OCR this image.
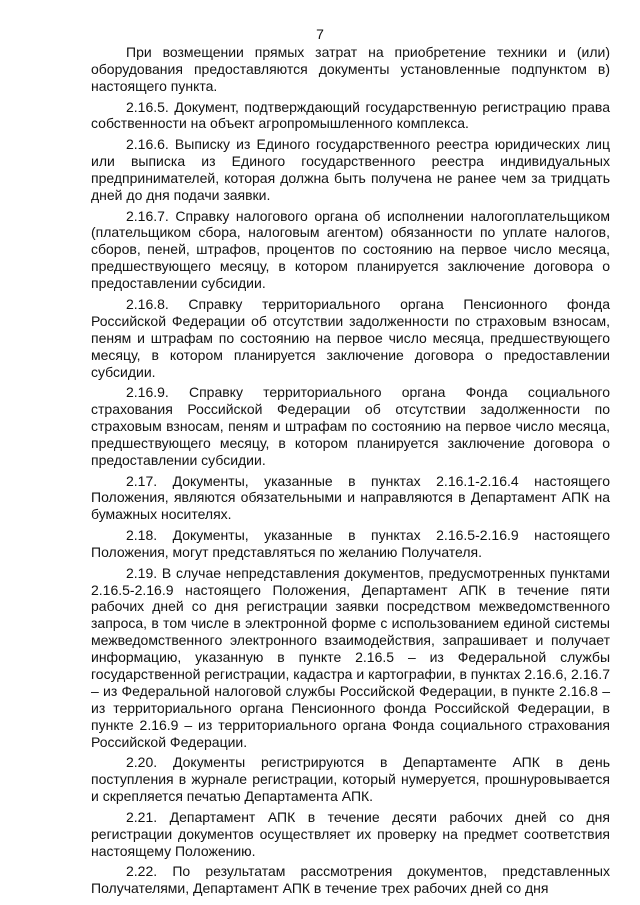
7

При возмещении прямых затрат на приобретение техники и (или) оборудования предоставляются документы установленные подпунктом в) настоящего пункта.

2.16.5. Документ, подтверждающий государственную регистрацию права собственности на объект агропромышленного комплекса.

2.16.6. Выписку из Единого государственного реестра юридических лиц или выписка из Единого государственного реестра индивидуальных предпринимателей, которая должна быть получена не ранее чем за тридцать дней до дня подачи заявки.

2.16.7. Справку налогового органа об исполнении налогоплательщиком (плательщиком сбора, налоговым агентом) обязанности по уплате налогов, сборов, пеней, штрафов, процентов по состоянию на первое число месяца, предшествующего месяцу, в котором планируется заключение договора о предоставлении субсидии.

2.16.8. Справку территориального органа Пенсионного фонда Российской Федерации об отсутствии задолженности по страховым взносам, пеням и штрафам по состоянию на первое число месяца, предшествующего месяцу, в котором планируется заключение договора о предоставлении субсидии.

2.16.9. Справку территориального органа Фонда социального страхования Российской Федерации об отсутствии задолженности по страховым взносам, пеням и штрафам по состоянию на первое число месяца, предшествующего месяцу, в котором планируется заключение договора о предоставлении субсидии.

2.17. Документы, указанные в пунктах 2.16.1-2.16.4 настоящего Положения, являются обязательными и направляются в Департамент АПК на бумажных носителях.

2.18. Документы, указанные в пунктах 2.16.5-2.16.9 настоящего Положения, могут представляться по желанию Получателя.

2.19. В случае непредставления документов, предусмотренных пунктами 2.16.5-2.16.9 настоящего Положения, Департамент АПК в течение пяти рабочих дней со дня регистрации заявки посредством межведомственного запроса, в том числе в электронной форме с использованием единой системы межведомственного электронного взаимодействия, запрашивает и получает информацию, указанную в пункте 2.16.5 – из Федеральной службы государственной регистрации, кадастра и картографии, в пунктах 2.16.6, 2.16.7 – из Федеральной налоговой службы Российской Федерации, в пункте 2.16.8 – из территориального органа Пенсионного фонда Российской Федерации, в пункте 2.16.9 – из территориального органа Фонда социального страхования Российской Федерации.

2.20. Документы регистрируются в Департаменте АПК в день поступления в журнале регистрации, который нумеруется, прошнуровывается и скрепляется печатью Департамента АПК.

2.21. Департамент АПК в течение десяти рабочих дней со дня регистрации документов осуществляет их проверку на предмет соответствия настоящему Положению.

2.22. По результатам рассмотрения документов, представленных Получателями, Департамент АПК в течение трех рабочих дней со дня
